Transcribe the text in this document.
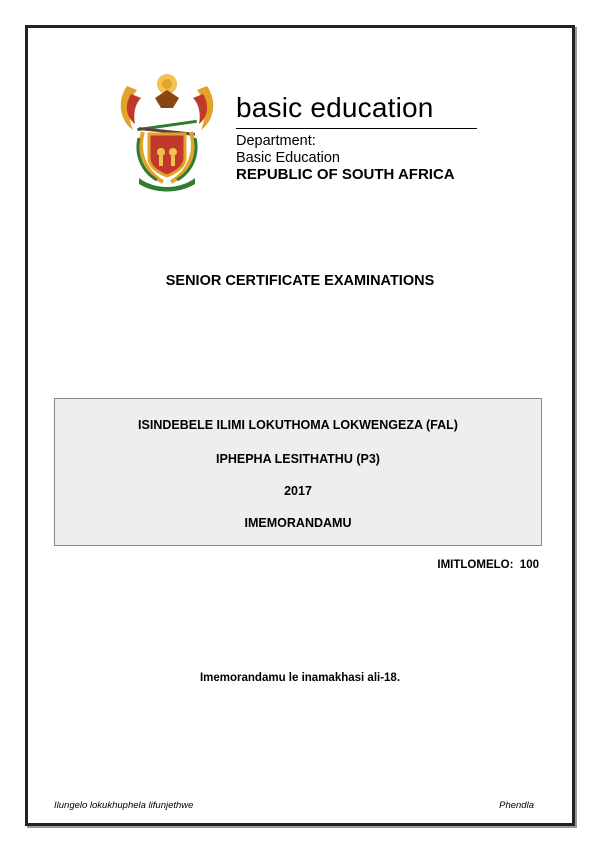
basic education
Department:
Basic Education
REPUBLIC OF SOUTH AFRICA
SENIOR CERTIFICATE EXAMINATIONS
ISINDEBELE ILIMI LOKUTHOMA LOKWENGEZA (FAL)
IPHEPHA LESITHATHU (P3)
2017
IMEMORANDAMU
IMITLOMELO:  100
Imemorandamu le inamakhasi ali-18.
Ilungelo lokukhuphela lifunjethwe	Phendla
